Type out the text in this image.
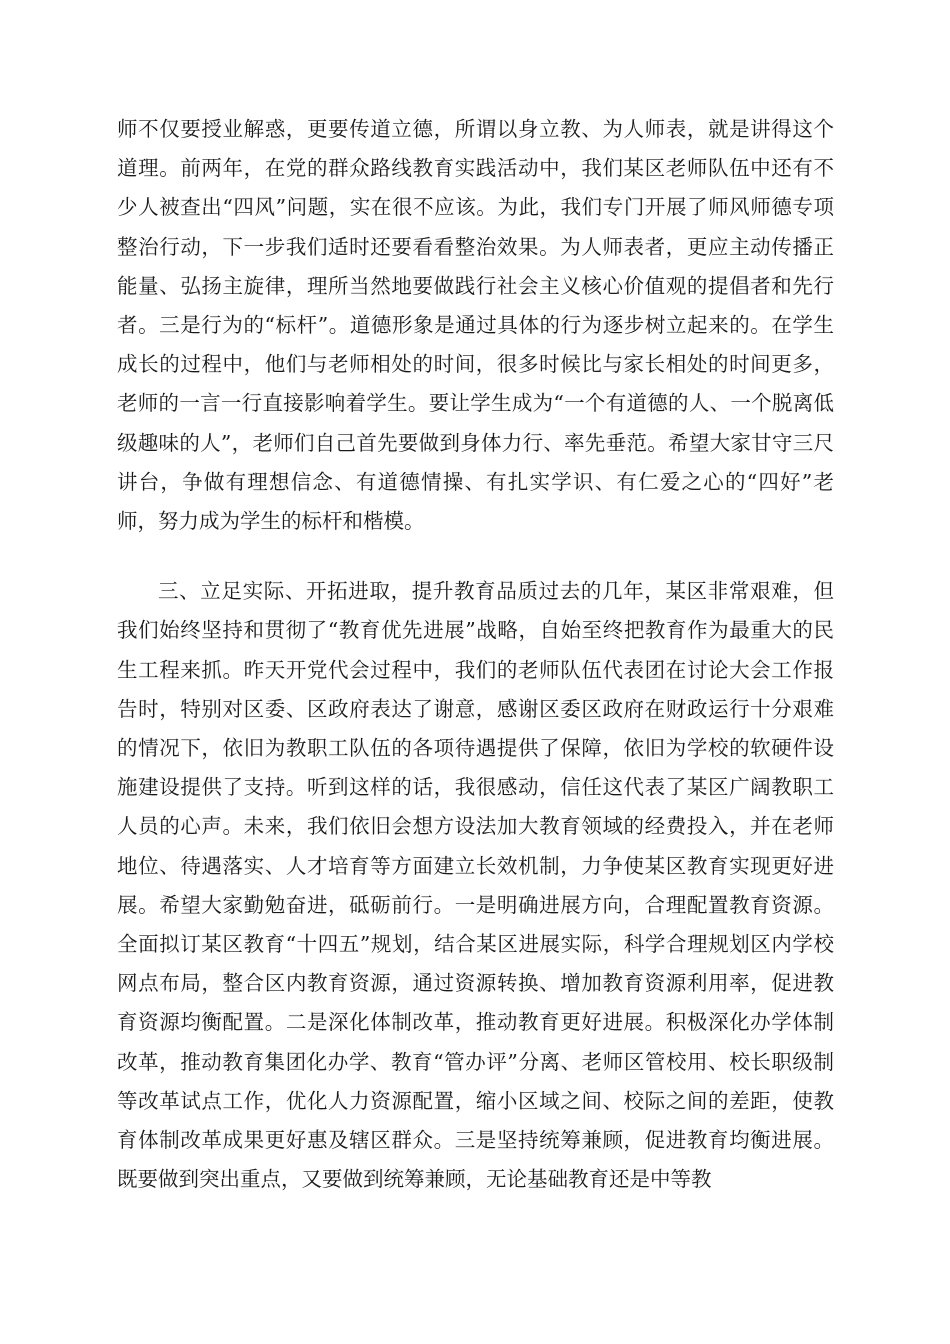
师不仅要授业解惑，更要传道立德，所谓以身立教、为人师表，就是讲得这个道理。前两年，在党的群众路线教育实践活动中，我们某区老师队伍中还有不少人被查出“四风”问题，实在很不应该。为此，我们专门开展了师风师德专项整治行动，下一步我们适时还要看看整治效果。为人师表者，更应主动传播正能量、弘扬主旋律，理所当然地要做践行社会主义核心价值观的提倡者和先行者。三是行为的“标杆”。道德形象是通过具体的行为逐步树立起来的。在学生成长的过程中，他们与老师相处的时间，很多时候比与家长相处的时间更多，老师的一言一行直接影响着学生。要让学生成为“一个有道德的人、一个脱离低级趣味的人”，老师们自己首先要做到身体力行、率先垂范。希望大家甘守三尺讲台，争做有理想信念、有道德情操、有扎实学识、有仁爱之心的“四好”老师，努力成为学生的标杆和楷模。

三、立足实际、开拓进取，提升教育品质过去的几年，某区非常艰难，但我们始终坚持和贯彻了“教育优先进展”战略，自始至终把教育作为最重大的民生工程来抓。昨天开党代会过程中，我们的老师队伍代表团在讨论大会工作报告时，特别对区委、区政府表达了谢意，感谢区委区政府在财政运行十分艰难的情况下，依旧为教职工队伍的各项待遇提供了保障，依旧为学校的软硬件设施建设提供了支持。听到这样的话，我很感动，信任这代表了某区广阔教职工人员的心声。未来，我们依旧会想方设法加大教育领域的经费投入，并在老师地位、待遇落实、人才培育等方面建立长效机制，力争使某区教育实现更好进展。希望大家勤勉奋进，砥砺前行。一是明确进展方向，合理配置教育资源。全面拟订某区教育“十四五”规划，结合某区进展实际，科学合理规划区内学校网点布局，整合区内教育资源，通过资源转换、增加教育资源利用率，促进教育资源均衡配置。二是深化体制改革，推动教育更好进展。积极深化办学体制改革，推动教育集团化办学、教育“管办评”分离、老师区管校用、校长职级制等改革试点工作，优化人力资源配置，缩小区域之间、校际之间的差距，使教育体制改革成果更好惠及辖区群众。三是坚持统筹兼顾，促进教育均衡进展。既要做到突出重点，又要做到统筹兼顾，无论基础教育还是中等教
